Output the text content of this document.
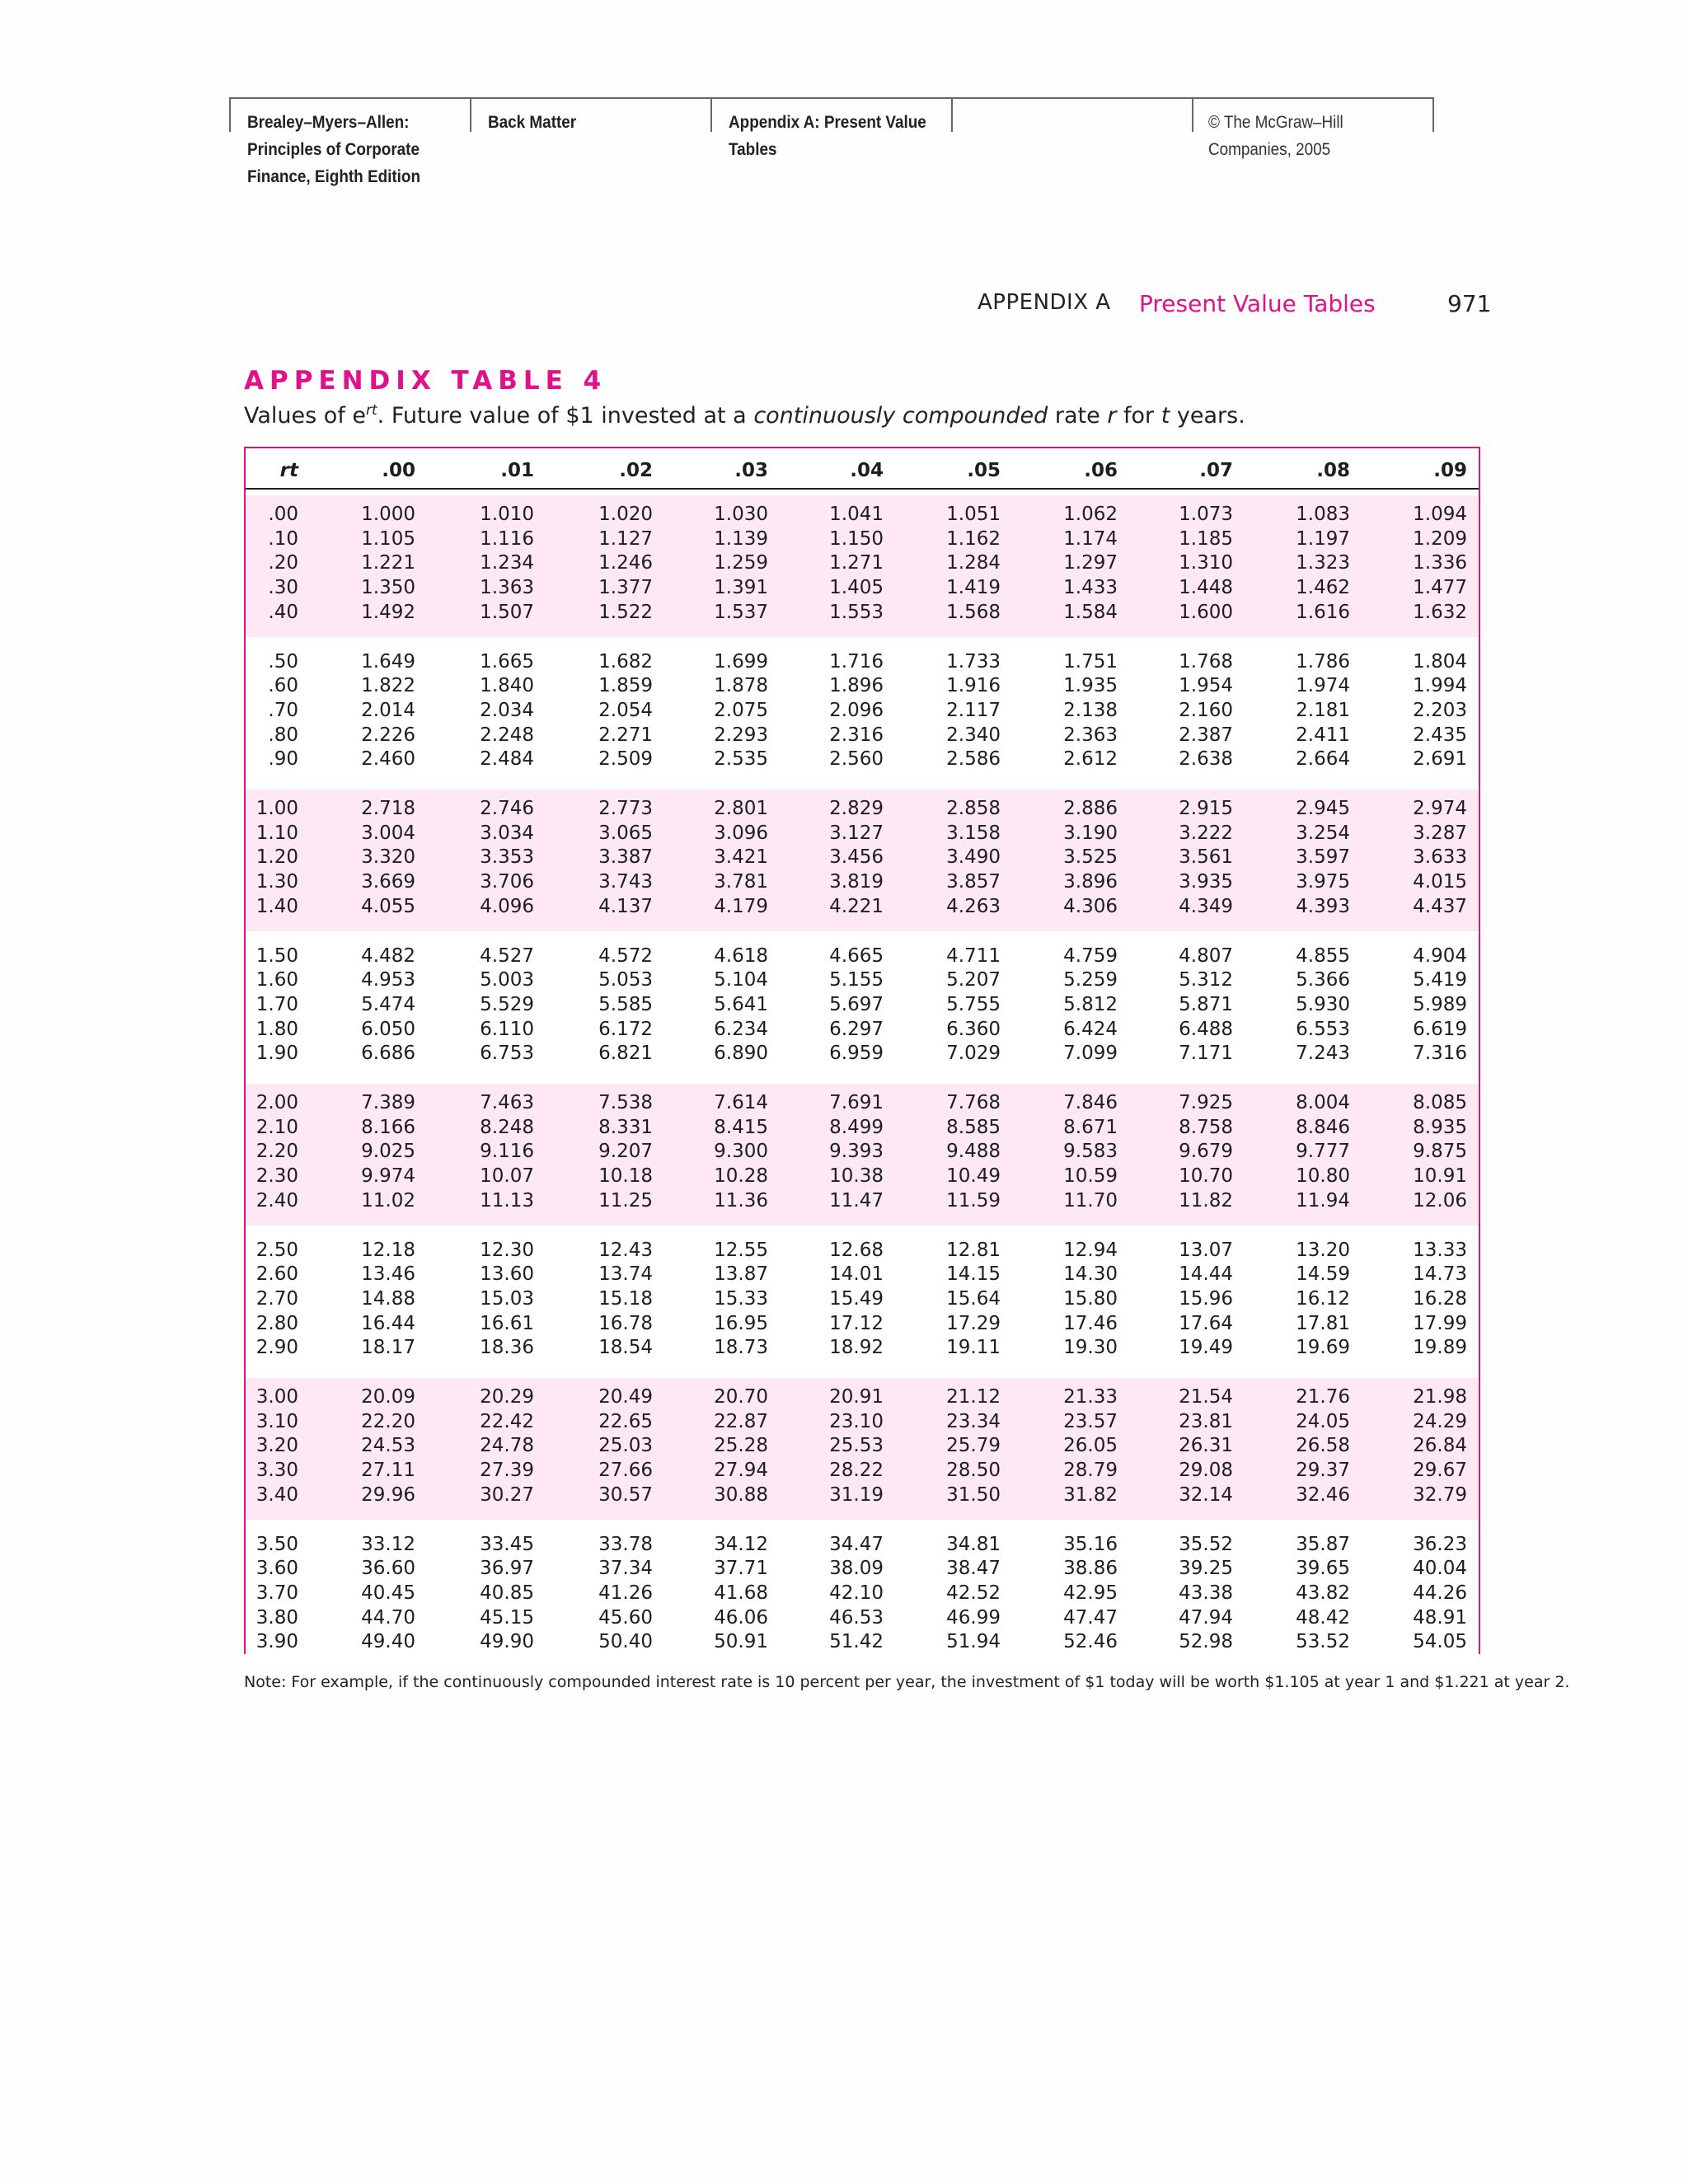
Brealey–Myers–Allen:
Principles of Corporate
Finance, Eighth Edition
Back Matter	Appendix A: Present Value
Tables
© The McGraw–Hill
Companies, 2005
APPENDIX A Present Value Tables	971
APPENDIX TABLE 4
Values of $e^{rt}$. Future value of $1 invested at a continuously compounded rate r for t years.
rt	.00	.01	.02	.03	.04	.05	.06	.07	.08	.09
.00	1.000	1.010	1.020	1.030	1.041	1.051	1.062	1.073	1.083	1.094
.10	1.105	1.116	1.127	1.139	1.150	1.162	1.174	1.185	1.197	1.209
.20	1.221	1.234	1.246	1.259	1.271	1.284	1.297	1.310	1.323	1.336
.30	1.350	1.363	1.377	1.391	1.405	1.419	1.433	1.448	1.462	1.477
.40	1.492	1.507	1.522	1.537	1.553	1.568	1.584	1.600	1.616	1.632
.50	1.649	1.665	1.682	1.699	1.716	1.733	1.751	1.768	1.786	1.804
.60	1.822	1.840	1.859	1.878	1.896	1.916	1.935	1.954	1.974	1.994
.70	2.014	2.034	2.054	2.075	2.096	2.117	2.138	2.160	2.181	2.203
.80	2.226	2.248	2.271	2.293	2.316	2.340	2.363	2.387	2.411	2.435
.90	2.460	2.484	2.509	2.535	2.560	2.586	2.612	2.638	2.664	2.691
1.00	2.718	2.746	2.773	2.801	2.829	2.858	2.886	2.915	2.945	2.974
1.10	3.004	3.034	3.065	3.096	3.127	3.158	3.190	3.222	3.254	3.287
1.20	3.320	3.353	3.387	3.421	3.456	3.490	3.525	3.561	3.597	3.633
1.30	3.669	3.706	3.743	3.781	3.819	3.857	3.896	3.935	3.975	4.015
1.40	4.055	4.096	4.137	4.179	4.221	4.263	4.306	4.349	4.393	4.437
1.50	4.482	4.527	4.572	4.618	4.665	4.711	4.759	4.807	4.855	4.904
1.60	4.953	5.003	5.053	5.104	5.155	5.207	5.259	5.312	5.366	5.419
1.70	5.474	5.529	5.585	5.641	5.697	5.755	5.812	5.871	5.930	5.989
1.80	6.050	6.110	6.172	6.234	6.297	6.360	6.424	6.488	6.553	6.619
1.90	6.686	6.753	6.821	6.890	6.959	7.029	7.099	7.171	7.243	7.316
2.00	7.389	7.463	7.538	7.614	7.691	7.768	7.846	7.925	8.004	8.085
2.10	8.166	8.248	8.331	8.415	8.499	8.585	8.671	8.758	8.846	8.935
2.20	9.025	9.116	9.207	9.300	9.393	9.488	9.583	9.679	9.777	9.875
2.30	9.974	10.07	10.18	10.28	10.38	10.49	10.59	10.70	10.80	10.91
2.40	11.02	11.13	11.25	11.36	11.47	11.59	11.70	11.82	11.94	12.06
2.50	12.18	12.30	12.43	12.55	12.68	12.81	12.94	13.07	13.20	13.33
2.60	13.46	13.60	13.74	13.87	14.01	14.15	14.30	14.44	14.59	14.73
2.70	14.88	15.03	15.18	15.33	15.49	15.64	15.80	15.96	16.12	16.28
2.80	16.44	16.61	16.78	16.95	17.12	17.29	17.46	17.64	17.81	17.99
2.90	18.17	18.36	18.54	18.73	18.92	19.11	19.30	19.49	19.69	19.89
3.00	20.09	20.29	20.49	20.70	20.91	21.12	21.33	21.54	21.76	21.98
3.10	22.20	22.42	22.65	22.87	23.10	23.34	23.57	23.81	24.05	24.29
3.20	24.53	24.78	25.03	25.28	25.53	25.79	26.05	26.31	26.58	26.84
3.30	27.11	27.39	27.66	27.94	28.22	28.50	28.79	29.08	29.37	29.67
3.40	29.96	30.27	30.57	30.88	31.19	31.50	31.82	32.14	32.46	32.79
3.50	33.12	33.45	33.78	34.12	34.47	34.81	35.16	35.52	35.87	36.23
3.60	36.60	36.97	37.34	37.71	38.09	38.47	38.86	39.25	39.65	40.04
3.70	40.45	40.85	41.26	41.68	42.10	42.52	42.95	43.38	43.82	44.26
3.80	44.70	45.15	45.60	46.06	46.53	46.99	47.47	47.94	48.42	48.91
3.90	49.40	49.90	50.40	50.91	51.42	51.94	52.46	52.98	53.52	54.05
Note: For example, if the continuously compounded interest rate is 10 percent per year, the investment of $1 today will be worth $1.105 at year 1 and $1.221 at year 2.
